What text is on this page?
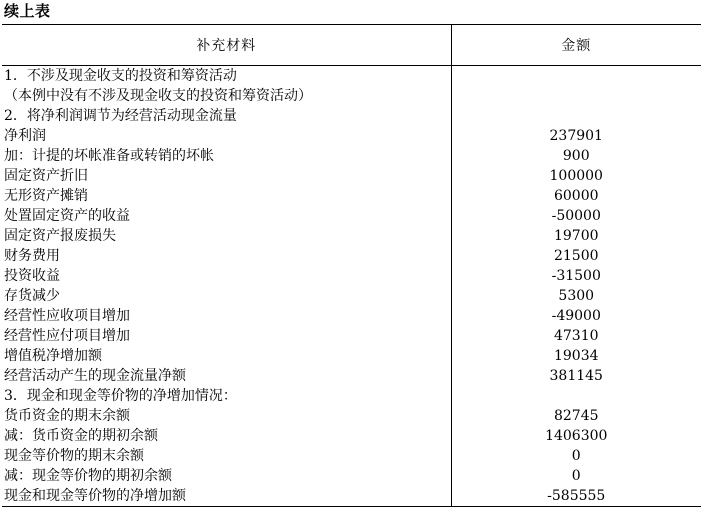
续上表
补充材料	金额
1．不涉及现金收支的投资和筹资活动	
（本例中没有不涉及现金收支的投资和筹资活动）	
2．将净利润调节为经营活动现金流量	
净利润	237901
加：计提的坏帐准备或转销的坏帐	900
固定资产折旧	100000
无形资产摊销	60000
处置固定资产的收益	-50000
固定资产报废损失	19700
财务费用	21500
投资收益	-31500
存货减少	5300
经营性应收项目增加	-49000
经营性应付项目增加	47310
增值税净增加额	19034
经营活动产生的现金流量净额	381145
3．现金和现金等价物的净增加情况：	
货币资金的期末余额	82745
减：货币资金的期初余额	1406300
现金等价物的期末余额	0
减：现金等价物的期初余额	0
现金和现金等价物的净增加额	-585555
